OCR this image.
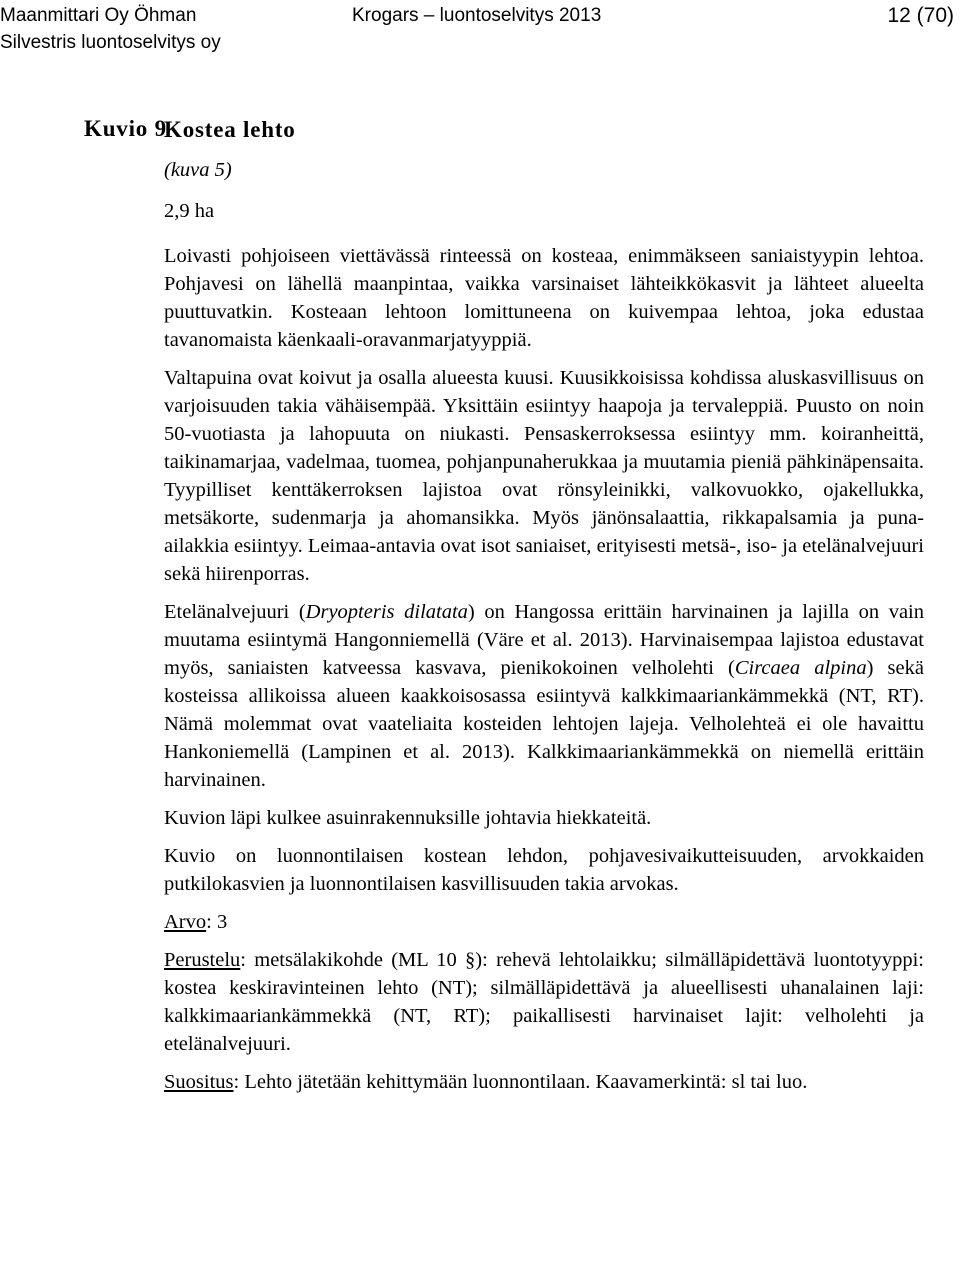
Maanmittari Oy Öhman
Silvestris luontoselvitys oy
Krogars – luontoselvitys 2013	12 (70)
Kuvio 9
Kostea lehto
(kuva 5)
2,9 ha

Loivasti pohjoiseen viettävässä rinteessä on kosteaa, enimmäkseen saniaistyypin lehtoa. Pohjavesi on lähellä maanpintaa, vaikka varsinaiset lähteikkökasvit ja lähteet alueelta puuttuvatkin. Kosteaan lehtoon lomittuneena on kuivempaa lehtoa, joka edustaa tavanomaista käenkaali-oravanmarjatyyppiä.

Valtapuina ovat koivut ja osalla alueesta kuusi. Kuusikkoisissa kohdissa aluskasvillisuus on varjoisuuden takia vähäisempää. Yksittäin esiintyy haapoja ja tervaleppiä. Puusto on noin 50-vuotiasta ja lahopuuta on niukasti. Pensaskerroksessa esiintyy mm. koiranheittä, taikinamarjaa, vadelmaa, tuomea, pohjanpunaherukkaa ja muutamia pieniä pähkinäpensaita. Tyypilliset kenttäkerroksen lajistoa ovat rönsyleinikki, valkovuokko, ojakellukka, metsäkorte, sudenmarja ja ahomansikka. Myös jänönsalaattia, rikkapalsamia ja puna-ailakkia esiintyy. Leimaa-antavia ovat isot saniaiset, erityisesti metsä-, iso- ja etelänalvejuuri sekä hiirenporras.

Etelänalvejuuri (Dryopteris dilatata) on Hangossa erittäin harvinainen ja lajilla on vain muutama esiintymä Hangonniemellä (Väre et al. 2013). Harvinaisempaa lajistoa edustavat myös, saniaisten katveessa kasvava, pienikokoinen velholehti (Circaea alpina) sekä kosteissa allikoissa alueen kaakkoisosassa esiintyvä kalkkimaariankämmekkä (NT, RT). Nämä molemmat ovat vaateliaita kosteiden lehtojen lajeja. Velholehteä ei ole havaittu Hankoniemellä (Lampinen et al. 2013). Kalkkimaariankämmekkä on niemellä erittäin harvinainen.

Kuvion läpi kulkee asuinrakennuksille johtavia hiekkateitä.

Kuvio on luonnontilaisen kostean lehdon, pohjavesivaikutteisuuden, arvokkaiden putkilokasvien ja luonnontilaisen kasvillisuuden takia arvokas.

Arvo: 3

Perustelu: metsälakikohde (ML 10 §): rehevä lehtolaikku; silmälläpidettävä luontotyyppi: kostea keskiravinteinen lehto (NT); silmälläpidettävä ja alueellisesti uhanalainen laji: kalkkimaariankämmekkä (NT, RT); paikallisesti harvinaiset lajit: velholehti ja etelänalvejuuri.

Suositus: Lehto jätetään kehittymään luonnontilaan. Kaavamerkintä: sl tai luo.
